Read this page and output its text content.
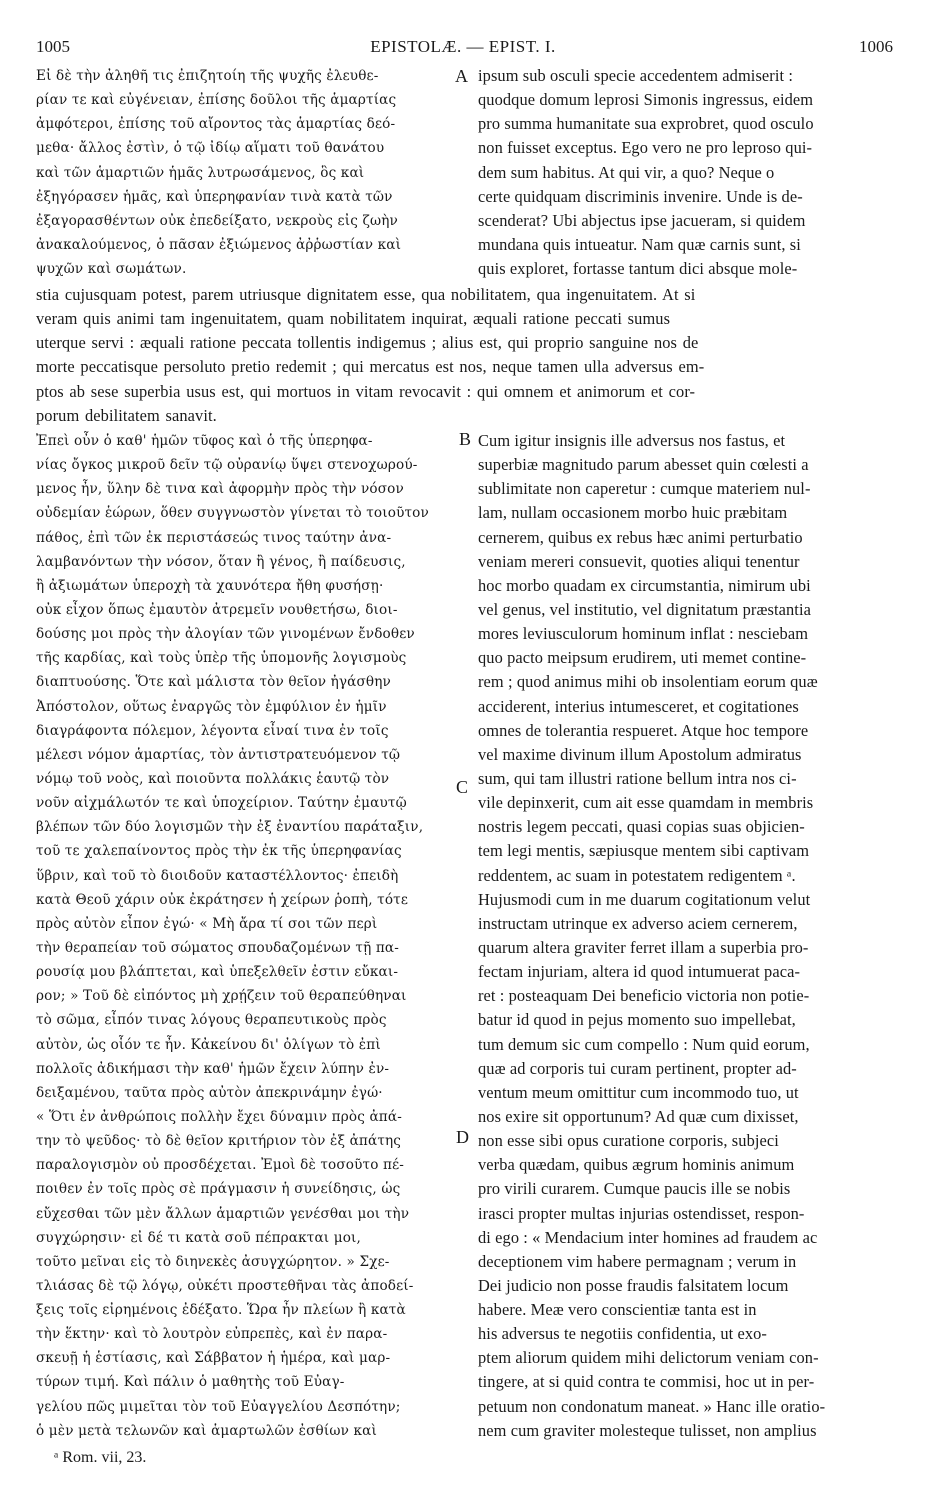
1005	EPISTOLÆ. — EPIST. I.	1006
A
B
C
D
Εἰ δὲ τὴν ἀληθῆ τις ἐπιζητοίη τῆς ψυχῆς ἐλευθε-
ρίαν τε καὶ εὐγένειαν, ἐπίσης δοῦλοι τῆς ἁμαρτίας
ἀμφότεροι, ἐπίσης τοῦ αἴροντος τὰς ἁμαρτίας δεό-
μεθα· ἄλλος ἐστὶν, ὁ τῷ ἰδίῳ αἵματι τοῦ θανάτου
καὶ τῶν ἁμαρτιῶν ἡμᾶς λυτρωσάμενος, ὃς καὶ
ἐξηγόρασεν ἡμᾶς, καὶ ὑπερηφανίαν τινὰ κατὰ τῶν
ἐξαγορασθέντων οὐκ ἐπεδείξατο, νεκροὺς εἰς ζωὴν
ἀνακαλούμενος, ὁ πᾶσαν ἐξιώμενος ἀῤῥωστίαν καὶ
ψυχῶν καὶ σωμάτων.
ipsum sub osculi specie accedentem admiserit :
quodque domum leprosi Simonis ingressus, eidem
pro summa humanitate sua exprobret, quod osculo
non fuisset exceptus. Ego vero ne pro leproso qui-
dem sum habitus. At qui vir, a quo? Neque o
certe quidquam discriminis invenire. Unde is de-
scenderat? Ubi abjectus ipse jacueram, si quidem
mundana quis intueatur. Nam quæ carnis sunt, si
quis exploret, fortasse tantum dici absque mole-
stia cujusquam potest, parem utriusque dignitatem esse, qua nobilitatem, qua ingenuitatem. At si
veram quis animi tam ingenuitatem, quam nobilitatem inquirat, æquali ratione peccati sumus
uterque servi : æquali ratione peccata tollentis indigemus ; alius est, qui proprio sanguine nos de
morte peccatisque persoluto pretio redemit ; qui mercatus est nos, neque tamen ulla adversus em-
ptos ab sese superbia usus est, qui mortuos in vitam revocavit : qui omnem et animorum et cor-
porum debilitatem sanavit.
Ἐπεὶ οὖν ὁ καθ' ἡμῶν τῦφος καὶ ὁ τῆς ὑπερηφα-
νίας ὄγκος μικροῦ δεῖν τῷ οὐρανίῳ ὕψει στενοχωρού-
μενος ἦν, ὕλην δὲ τινα καὶ ἀφορμὴν πρὸς τὴν νόσον
οὐδεμίαν ἑώρων, ὅθεν συγγνωστὸν γίνεται τὸ τοιοῦτον
πάθος, ἐπὶ τῶν ἐκ περιστάσεώς τινος ταύτην ἀνα-
λαμβανόντων τὴν νόσον, ὅταν ἢ γένος, ἢ παίδευσις,
ἢ ἀξιωμάτων ὑπεροχὴ τὰ χαυνότερα ἤθη φυσήσῃ·
οὐκ εἶχον ὅπως ἐμαυτὸν ἀτρεμεῖν νουθετήσω, διοι-
δούσης μοι πρὸς τὴν ἀλογίαν τῶν γινομένων ἔνδοθεν
τῆς καρδίας, καὶ τοὺς ὑπὲρ τῆς ὑπομονῆς λογισμοὺς
διαπτυούσης. Ὅτε καὶ μάλιστα τὸν θεῖον ἠγάσθην
Ἀπόστολον, οὕτως ἐναργῶς τὸν ἐμφύλιον ἐν ἡμῖν
διαγράφοντα πόλεμον, λέγοντα εἶναί τινα ἐν τοῖς
μέλεσι νόμον ἁμαρτίας, τὸν ἀντιστρατευόμενον τῷ
νόμῳ τοῦ νοὸς, καὶ ποιοῦντα πολλάκις ἑαυτῷ τὸν
νοῦν αἰχμάλωτόν τε καὶ ὑποχείριον. Ταύτην ἐμαυτῷ
βλέπων τῶν δύο λογισμῶν τὴν ἐξ ἐναντίου παράταξιν,
τοῦ τε χαλεπαίνοντος πρὸς τὴν ἐκ τῆς ὑπερηφανίας
ὕβριν, καὶ τοῦ τὸ διοιδοῦν καταστέλλοντος· ἐπειδὴ
κατὰ Θεοῦ χάριν οὐκ ἐκράτησεν ἡ χείρων ῥοπὴ, τότε
πρὸς αὐτὸν εἶπον ἐγώ· « Μὴ ἄρα τί σοι τῶν περὶ
τὴν θεραπείαν τοῦ σώματος σπουδαζομένων τῇ πα-
ρουσίᾳ μου βλάπτεται, καὶ ὑπεξελθεῖν ἐστιν εὔκαι-
ρον; » Τοῦ δὲ εἰπόντος μὴ χρῄζειν τοῦ θεραπεύθηναι
τὸ σῶμα, εἶπόν τινας λόγους θεραπευτικοὺς πρὸς
αὐτὸν, ὡς οἷόν τε ἦν. Κἀκείνου δι' ὀλίγων τὸ ἐπὶ
πολλοῖς ἀδικήμασι τὴν καθ' ἡμῶν ἔχειν λύπην ἐν-
δειξαμένου, ταῦτα πρὸς αὐτὸν ἀπεκρινάμην ἐγώ·
« Ὅτι ἐν ἀνθρώποις πολλὴν ἔχει δύναμιν πρὸς ἀπά-
την τὸ ψεῦδος· τὸ δὲ θεῖον κριτήριον τὸν ἐξ ἀπάτης
παραλογισμὸν οὐ προσδέχεται. Ἐμοὶ δὲ τοσοῦτο πέ-
ποιθεν ἐν τοῖς πρὸς σὲ πράγμασιν ἡ συνείδησις, ὡς
εὔχεσθαι τῶν μὲν ἄλλων ἁμαρτιῶν γενέσθαι μοι τὴν
συγχώρησιν· εἰ δέ τι κατὰ σοῦ πέπρακται μοι,
τοῦτο μεῖναι εἰς τὸ διηνεκὲς ἀσυγχώρητον. » Σχε-
τλιάσας δὲ τῷ λόγῳ, οὐκέτι προστεθῆναι τὰς ἀποδεί-
ξεις τοῖς εἰρημένοις ἐδέξατο. Ὥρα ἦν πλείων ἢ κατὰ
τὴν ἕκτην· καὶ τὸ λουτρὸν εὐπρεπὲς, καὶ ἐν παρα-
σκευῇ ἡ ἑστίασις, καὶ Σάββατον ἡ ἡμέρα, καὶ μαρ-
τύρων τιμή. Καὶ πάλιν ὁ μαθητὴς τοῦ Εὐαγ-
γελίου πῶς μιμεῖται τὸν τοῦ Εὐαγγελίου Δεσπότην;
ὁ μὲν μετὰ τελωνῶν καὶ ἁμαρτωλῶν ἐσθίων καὶ
Cum igitur insignis ille adversus nos fastus, et
superbiæ magnitudo parum abesset quin cœlesti a
sublimitate non caperetur : cumque materiem nul-
lam, nullam occasionem morbo huic præbitam
cernerem, quibus ex rebus hæc animi perturbatio
veniam mereri consuevit, quoties aliqui tenentur
hoc morbo quadam ex circumstantia, nimirum ubi
vel genus, vel institutio, vel dignitatum præstantia
mores leviusculorum hominum inflat : nesciebam
quo pacto meipsum erudirem, uti memet contine-
rem ; quod animus mihi ob insolentiam eorum quæ
acciderent, interius intumesceret, et cogitationes
omnes de tolerantia respueret. Atque hoc tempore
vel maxime divinum illum Apostolum admiratus
sum, qui tam illustri ratione bellum intra nos ci-
vile depinxerit, cum ait esse quamdam in membris
nostris legem peccati, quasi copias suas objicien-
tem legi mentis, sæpiusque mentem sibi captivam
reddentem, ac suam in potestatem redigentem ᵃ.
Hujusmodi cum in me duarum cogitationum velut
instructam utrinque ex adverso aciem cernerem,
quarum altera graviter ferret illam a superbia pro-
fectam injuriam, altera id quod intumuerat paca-
ret : posteaquam Dei beneficio victoria non potie-
batur id quod in pejus momento suo impellebat,
tum demum sic cum compello : Num quid eorum,
quæ ad corporis tui curam pertinent, propter ad-
ventum meum omittitur cum incommodo tuo, ut
nos exire sit opportunum? Ad quæ cum dixisset,
non esse sibi opus curatione corporis, subjeci
verba quædam, quibus ægrum hominis animum
pro virili curarem. Cumque paucis ille se nobis
irasci propter multas injurias ostendisset, respon-
di ego : « Mendacium inter homines ad fraudem ac
deceptionem vim habere permagnam ; verum in
Dei judicio non posse fraudis falsitatem locum
habere. Meæ vero conscientiæ tanta est in
his adversus te negotiis confidentia, ut exo-
ptem aliorum quidem mihi delictorum veniam con-
tingere, at si quid contra te commisi, hoc ut in per-
petuum non condonatum maneat. » Hanc ille oratio-
nem cum graviter molesteque tulisset, non amplius
ᵃ Rom. vii, 23.
